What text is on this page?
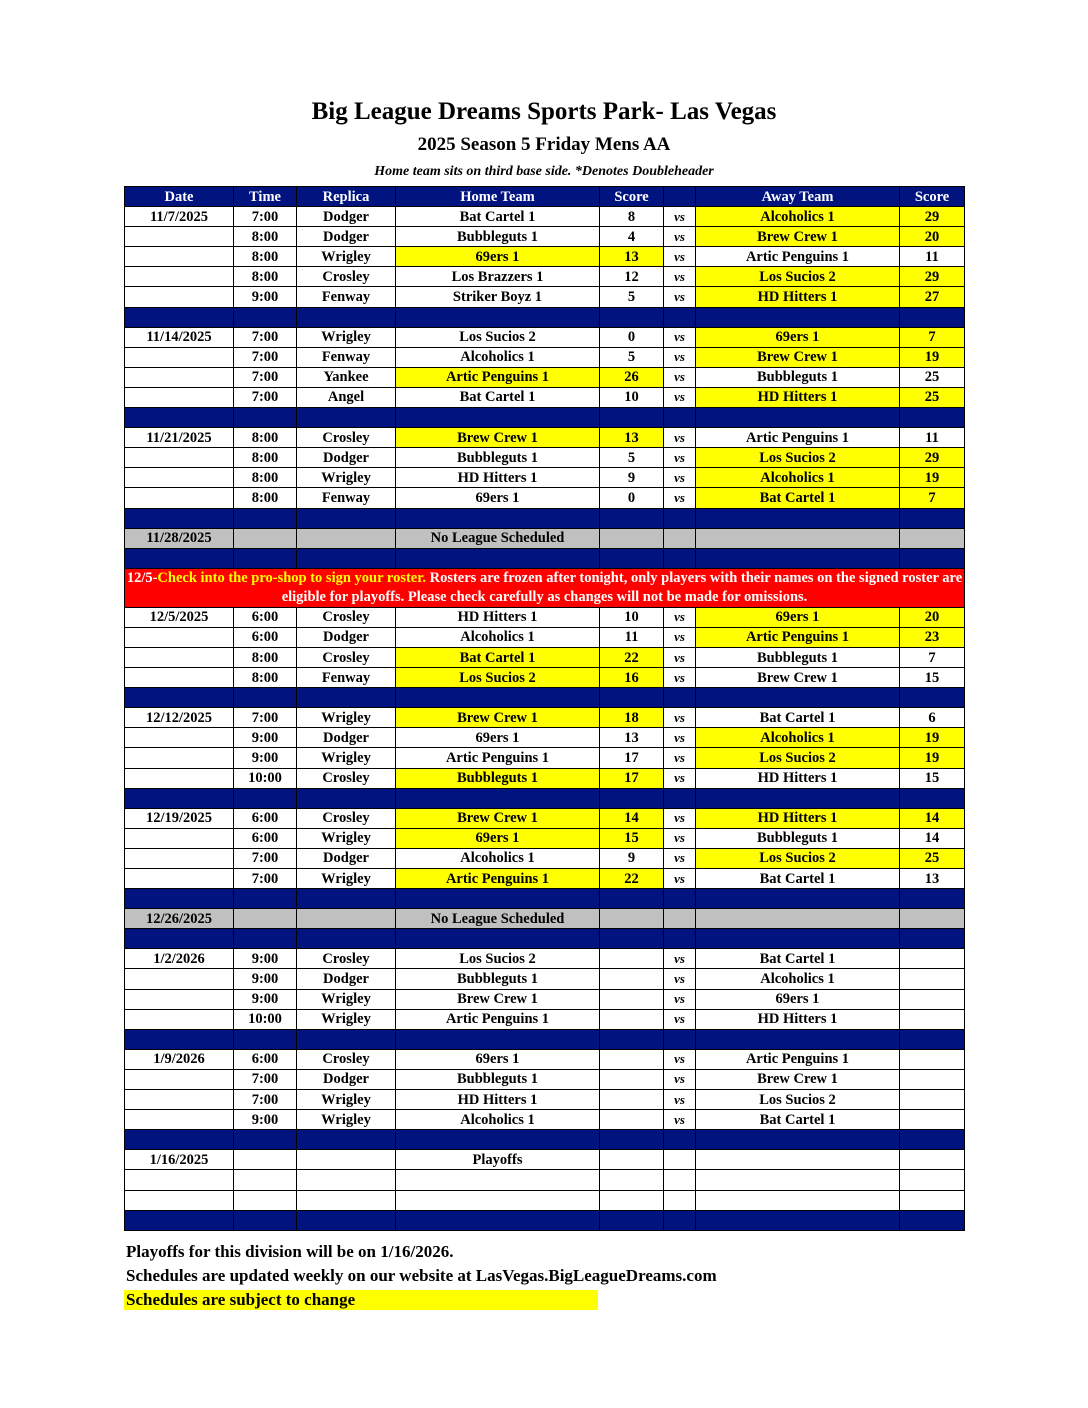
Big League Dreams Sports Park- Las Vegas
2025 Season 5 Friday Mens AA
Home team sits on third base side. *Denotes Doubleheader
Date	Time	Replica	Home Team	Score		Away Team	Score
11/7/2025	7:00	Dodger	Bat Cartel 1	8	vs	Alcoholics 1	29
	8:00	Dodger	Bubbleguts 1	4	vs	Brew Crew 1	20
	8:00	Wrigley	69ers 1	13	vs	Artic Penguins 1	11
	8:00	Crosley	Los Brazzers 1	12	vs	Los Sucios 2	29
	9:00	Fenway	Striker Boyz 1	5	vs	HD Hitters 1	27

11/14/2025	7:00	Wrigley	Los Sucios 2	0	vs	69ers 1	7
	7:00	Fenway	Alcoholics 1	5	vs	Brew Crew 1	19
	7:00	Yankee	Artic Penguins 1	26	vs	Bubbleguts 1	25
	7:00	Angel	Bat Cartel 1	10	vs	HD Hitters 1	25

11/21/2025	8:00	Crosley	Brew Crew 1	13	vs	Artic Penguins 1	11
	8:00	Dodger	Bubbleguts 1	5	vs	Los Sucios 2	29
	8:00	Wrigley	HD Hitters 1	9	vs	Alcoholics 1	19
	8:00	Fenway	69ers 1	0	vs	Bat Cartel 1	7

11/28/2025			No League Scheduled				

12/5-Check into the pro-shop to sign your roster. Rosters are frozen after tonight, only players with their names on the signed roster are eligible for playoffs. Please check carefully as changes will not be made for omissions.							
12/5/2025	6:00	Crosley	HD Hitters 1	10	vs	69ers 1	20
	6:00	Dodger	Alcoholics 1	11	vs	Artic Penguins 1	23
	8:00	Crosley	Bat Cartel 1	22	vs	Bubbleguts 1	7
	8:00	Fenway	Los Sucios 2	16	vs	Brew Crew 1	15

12/12/2025	7:00	Wrigley	Brew Crew 1	18	vs	Bat Cartel 1	6
	9:00	Dodger	69ers 1	13	vs	Alcoholics 1	19
	9:00	Wrigley	Artic Penguins 1	17	vs	Los Sucios 2	19
	10:00	Crosley	Bubbleguts 1	17	vs	HD Hitters 1	15

12/19/2025	6:00	Crosley	Brew Crew 1	14	vs	HD Hitters 1	14
	6:00	Wrigley	69ers 1	15	vs	Bubbleguts 1	14
	7:00	Dodger	Alcoholics 1	9	vs	Los Sucios 2	25
	7:00	Wrigley	Artic Penguins 1	22	vs	Bat Cartel 1	13

12/26/2025			No League Scheduled				

1/2/2026	9:00	Crosley	Los Sucios 2		vs	Bat Cartel 1	
	9:00	Dodger	Bubbleguts 1		vs	Alcoholics 1	
	9:00	Wrigley	Brew Crew 1		vs	69ers 1	
	10:00	Wrigley	Artic Penguins 1		vs	HD Hitters 1	

1/9/2026	6:00	Crosley	69ers 1		vs	Artic Penguins 1	
	7:00	Dodger	Bubbleguts 1		vs	Brew Crew 1	
	7:00	Wrigley	HD Hitters 1		vs	Los Sucios 2	
	9:00	Wrigley	Alcoholics 1		vs	Bat Cartel 1	

1/16/2025			Playoffs				

Playoffs for this division will be on 1/16/2026.
Schedules are updated weekly on our website at LasVegas.BigLeagueDreams.com
Schedules are subject to change
